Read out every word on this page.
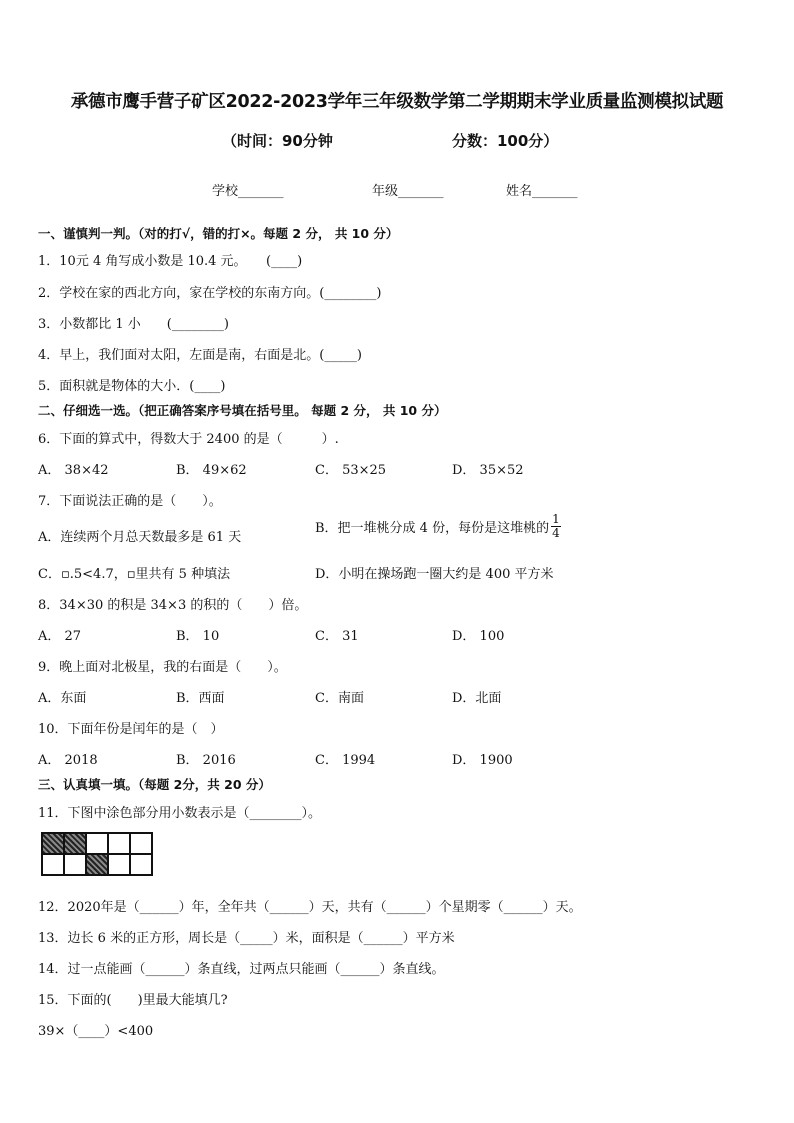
承德市鹰手营子矿区2022-2023学年三年级数学第二学期期末学业质量监测模拟试题
（时间：90分钟	分数：100分）
学校_______	年级_______	姓名_______
一、谨慎判一判。（对的打√，错的打×。每题 2 分， 共 10 分）
1．10元 4 角写成小数是 10.4 元。　　(____)
2．学校在家的西北方向，家在学校的东南方向。(________)
3．小数都比 1 小　　(________)
4．早上，我们面对太阳，左面是南，右面是北。(_____)
5．面积就是物体的大小．(____)
二、仔细选一选。（把正确答案序号填在括号里。 每题 2 分， 共 10 分）
6．下面的算式中，得数大于 2400 的是（　　　）.
A． 38×42	B． 49×62	C． 53×25	D． 35×52
7．下面说法正确的是（　　）。
A．连续两个月总天数最多是 61 天
B．把一堆桃分成 4 份，每份是这堆桃的 $\frac{1}{4}$
C．▫.5<4.7，▫里共有 5 种填法	D．小明在操场跑一圈大约是 400 平方米
8．34×30 的积是 34×3 的积的（　　）倍。
A． 27	B． 10	C． 31	D． 100
9．晚上面对北极星，我的右面是（　　）。
A．东面	B．西面	C．南面	D．北面
10．下面年份是闰年的是（　）
A． 2018	B． 2016	C． 1994	D． 1900
三、认真填一填。（每题 2分，共 20 分）
11．下图中涂色部分用小数表示是（________）。

12．2020年是（______）年，全年共（______）天，共有（______）个星期零（______）天。
13．边长 6 米的正方形，周长是（_____）米，面积是（______）平方米
14．过一点能画（______）条直线，过两点只能画（______）条直线。
15．下面的(　　)里最大能填几?
39×（____）<400
